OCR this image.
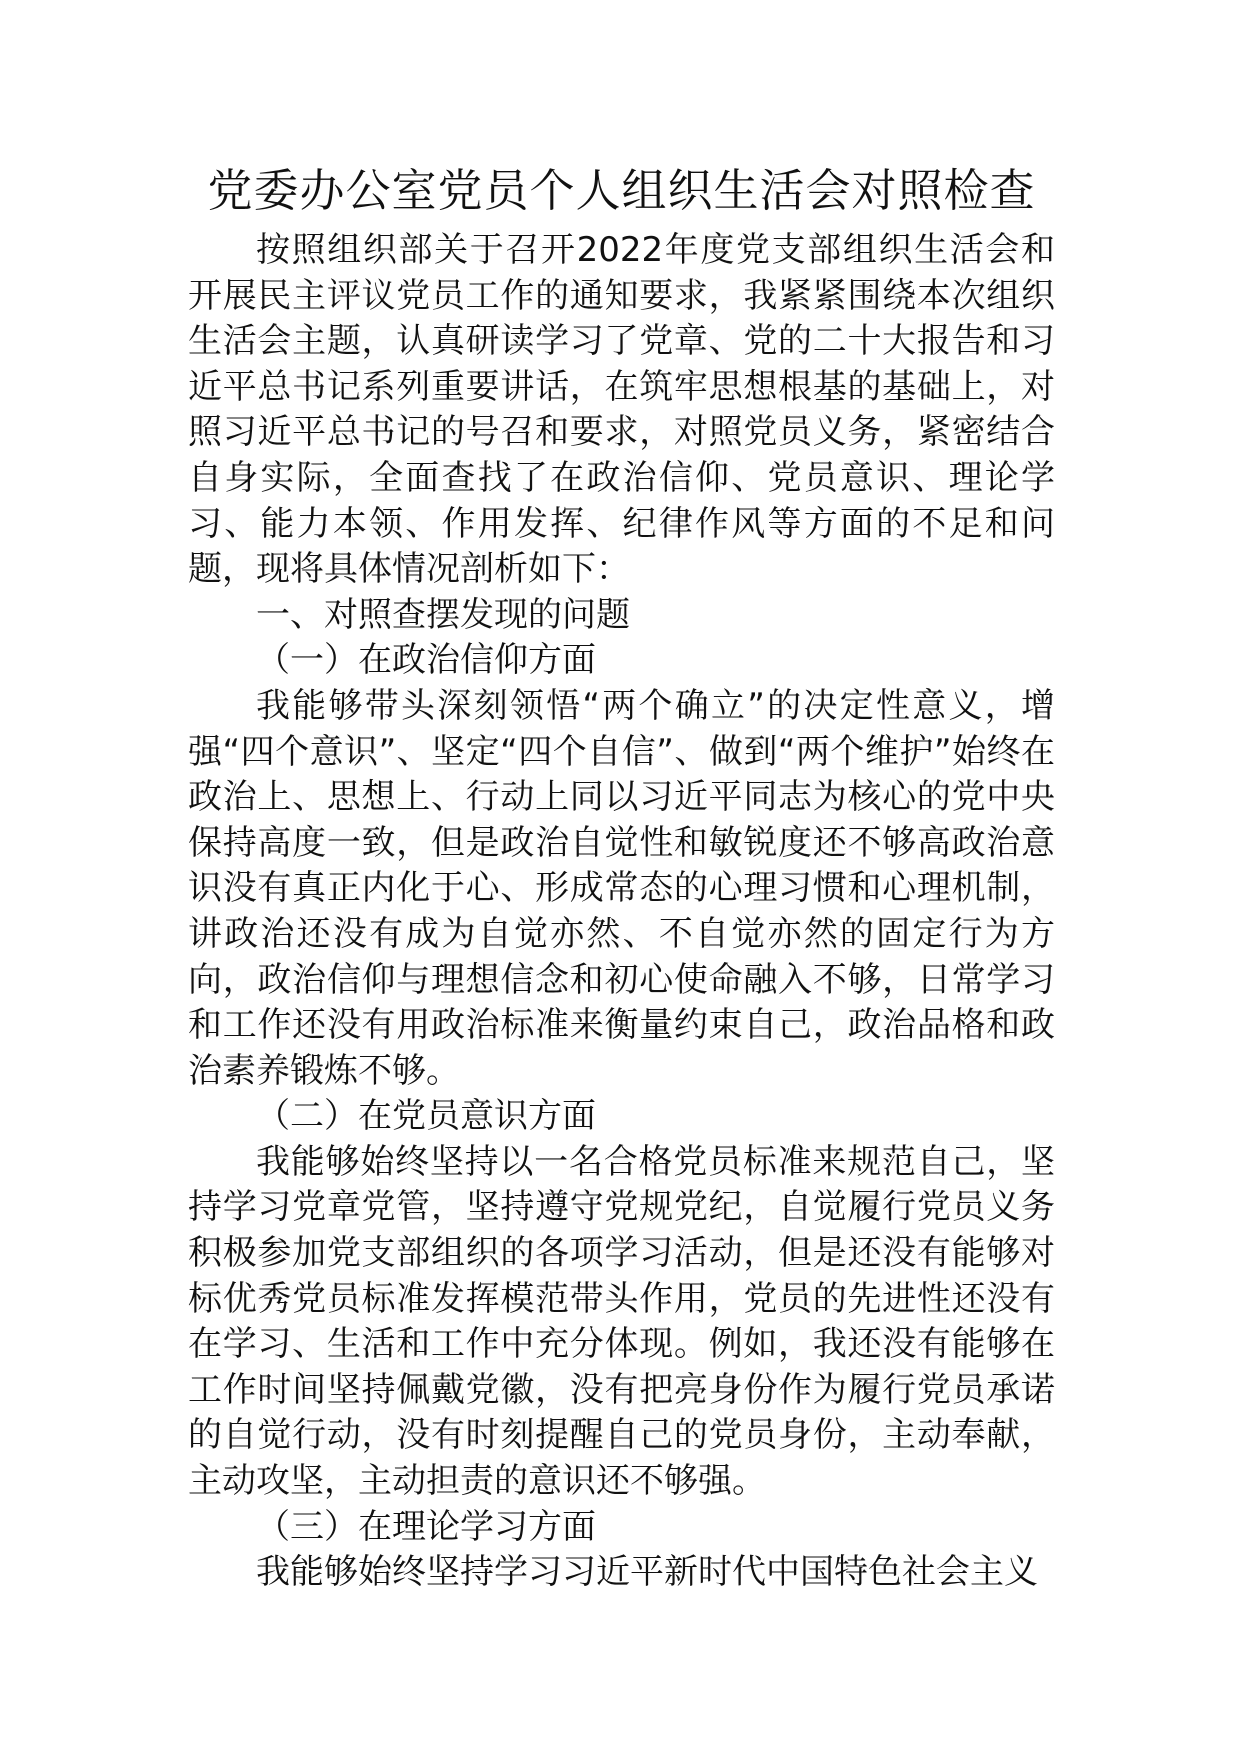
党委办公室党员个人组织生活会对照检查

按照组织部关于召开2022年度党支部组织生活会和开展民主评议党员工作的通知要求，我紧紧围绕本次组织生活会主题，认真研读学习了党章、党的二十大报告和习近平总书记系列重要讲话，在筑牢思想根基的基础上，对照习近平总书记的号召和要求，对照党员义务，紧密结合自身实际，全面查找了在政治信仰、党员意识、理论学习、能力本领、作用发挥、纪律作风等方面的不足和问题，现将具体情况剖析如下：

一、对照查摆发现的问题

（一）在政治信仰方面

我能够带头深刻领悟“两个确立”的决定性意义，增强“四个意识”、坚定“四个自信”、做到“两个维护”始终在政治上、思想上、行动上同以习近平同志为核心的党中央保持高度一致，但是政治自觉性和敏锐度还不够高政治意识没有真正内化于心、形成常态的心理习惯和心理机制，讲政治还没有成为自觉亦然、不自觉亦然的固定行为方向，政治信仰与理想信念和初心使命融入不够，日常学习和工作还没有用政治标准来衡量约束自己，政治品格和政治素养锻炼不够。

（二）在党员意识方面

我能够始终坚持以一名合格党员标准来规范自己，坚持学习党章党管，坚持遵守党规党纪，自觉履行党员义务积极参加党支部组织的各项学习活动，但是还没有能够对标优秀党员标准发挥模范带头作用，党员的先进性还没有在学习、生活和工作中充分体现。例如，我还没有能够在工作时间坚持佩戴党徽，没有把亮身份作为履行党员承诺的自觉行动，没有时刻提醒自己的党员身份，主动奉献，主动攻坚，主动担责的意识还不够强。

（三）在理论学习方面

我能够始终坚持学习习近平新时代中国特色社会主义
